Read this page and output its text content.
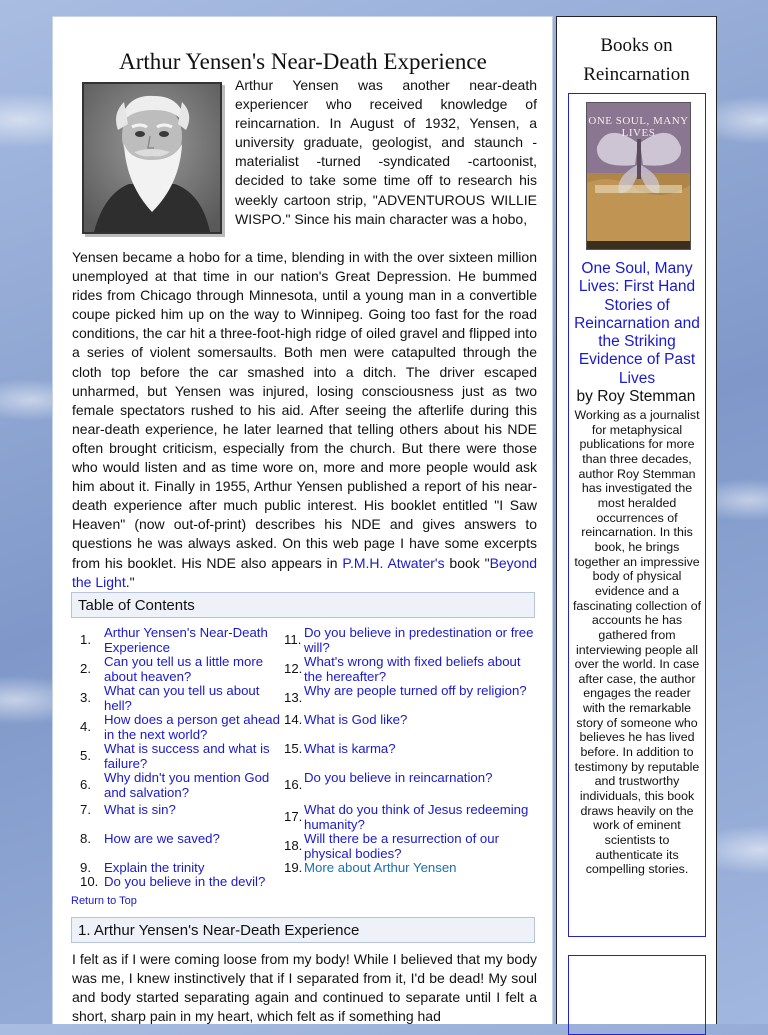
Arthur Yensen's Near-Death Experience

Arthur Yensen was another near-death experiencer who received knowledge of reincarnation. In August of 1932, Yensen, a university graduate, geologist, and staunch - materialist -turned -syndicated -cartoonist, decided to take some time off to research his weekly cartoon strip, "ADVENTUROUS WILLIE WISPO." Since his main character was a hobo,

Yensen became a hobo for a time, blending in with the over sixteen million unemployed at that time in our nation's Great Depression. He bummed rides from Chicago through Minnesota, until a young man in a convertible coupe picked him up on the way to Winnipeg. Going too fast for the road conditions, the car hit a three-foot-high ridge of oiled gravel and flipped into a series of violent somersaults. Both men were catapulted through the cloth top before the car smashed into a ditch. The driver escaped unharmed, but Yensen was injured, losing consciousness just as two female spectators rushed to his aid. After seeing the afterlife during this near-death experience, he later learned that telling others about his NDE often brought criticism, especially from the church. But there were those who would listen and as time wore on, more and more people would ask him about it. Finally in 1955, Arthur Yensen published a report of his near-death experience after much public interest. His booklet entitled "I Saw Heaven" (now out-of-print) describes his NDE and gives answers to questions he was always asked. On this web page I have some excerpts from his booklet. His NDE also appears in P.M.H. Atwater's book "Beyond the Light."

Table of Contents
1. Arthur Yensen's Near-Death Experience
2. Can you tell us a little more about heaven?
3. What can you tell us about hell?
4. How does a person get ahead in the next world?
5. What is success and what is failure?
6. Why didn't you mention God and salvation?
7. What is sin?
8. How are we saved?
9. Explain the trinity
10. Do you believe in the devil?
11. Do you believe in predestination or free will?
12. What's wrong with fixed beliefs about the hereafter?
13. Why are people turned off by religion?
14. What is God like?
15. What is karma?
16. Do you believe in reincarnation?
17. What do you think of Jesus redeeming humanity?
18. Will there be a resurrection of our physical bodies?
19. More about Arthur Yensen
Return to Top
1. Arthur Yensen's Near-Death Experience

I felt as if I were coming loose from my body! While I believed that my body was me, I knew instinctively that if I separated from it, I'd be dead! My soul and body started separating again and continued to separate until I felt a short, sharp pain in my heart, which felt as if something had

Books on Reincarnation
ONE SOUL, MANY LIVES
One Soul, Many Lives: First Hand Stories of Reincarnation and the Striking Evidence of Past Lives
by Roy Stemman
Working as a journalist for metaphysical publications for more than three decades, author Roy Stemman has investigated the most heralded occurrences of reincarnation. In this book, he brings together an impressive body of physical evidence and a fascinating collection of accounts he has gathered from interviewing people all over the world. In case after case, the author engages the reader with the remarkable story of someone who believes he has lived before. In addition to testimony by reputable and trustworthy individuals, this book draws heavily on the work of eminent scientists to authenticate its compelling stories.
